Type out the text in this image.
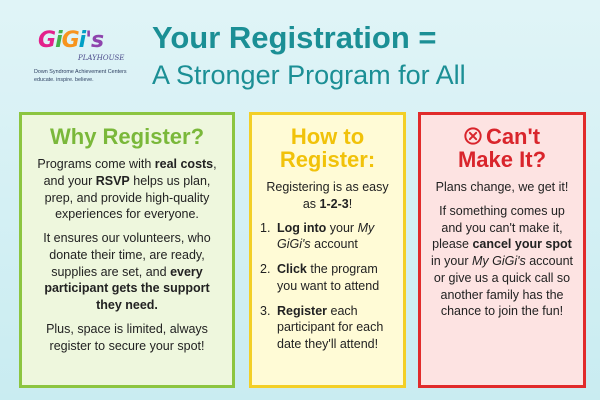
GiGi's
PLAYHOUSE
Down Syndrome Achievement Centers
educate. inspire. believe.
Your Registration =
A Stronger Program for All
Why Register?

Programs come with real costs, and your RSVP helps us plan, prep, and provide high-quality experiences for everyone.

It ensures our volunteers, who donate their time, are ready, supplies are set, and every participant gets the support they need.

Plus, space is limited, always register to secure your spot!

How to
Register:

Registering is as easy as 1-2-3!

1. Log into your My GiGi's account
2. Click the program you want to attend
3. Register each participant for each date they'll attend!
Can't
Make It?

Plans change, we get it!

If something comes up and you can't make it, please cancel your spot in your My GiGi's account or give us a quick call so another family has the chance to join the fun!
